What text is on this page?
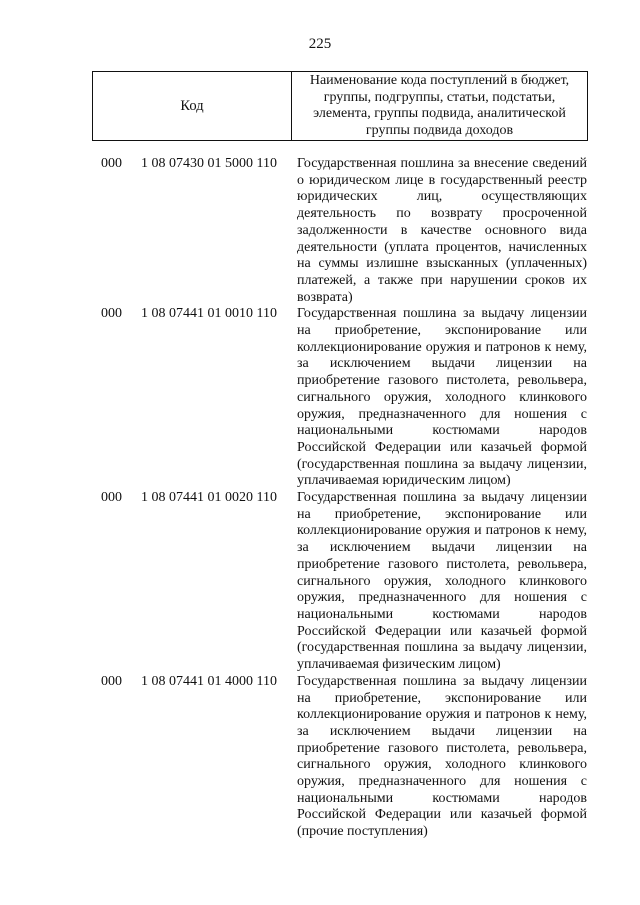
225
Код
Наименование кода поступлений в бюджет,
группы, подгруппы, статьи, подстатьи,
элемента, группы подвида, аналитической
группы подвида доходов
000 1 08 07430 01 5000 110 Государственная пошлина за внесение сведений о юридическом лице в государственный реестр юридических лиц, осуществляющих деятельность по возврату просроченной задолженности в качестве основного вида деятельности (уплата процентов, начисленных на суммы излишне взысканных (уплаченных) платежей, а также при нарушении сроков их возврата)
000 1 08 07441 01 0010 110 Государственная пошлина за выдачу лицензии на приобретение, экспонирование или коллекционирование оружия и патронов к нему, за исключением выдачи лицензии на приобретение газового пистолета, револьвера, сигнального оружия, холодного клинкового оружия, предназначенного для ношения с национальными костюмами народов Российской Федерации или казачьей формой (государственная пошлина за выдачу лицензии, уплачиваемая юридическим лицом)
000 1 08 07441 01 0020 110 Государственная пошлина за выдачу лицензии на приобретение, экспонирование или коллекционирование оружия и патронов к нему, за исключением выдачи лицензии на приобретение газового пистолета, револьвера, сигнального оружия, холодного клинкового оружия, предназначенного для ношения с национальными костюмами народов Российской Федерации или казачьей формой (государственная пошлина за выдачу лицензии, уплачиваемая физическим лицом)
000 1 08 07441 01 4000 110 Государственная пошлина за выдачу лицензии на приобретение, экспонирование или коллекционирование оружия и патронов к нему, за исключением выдачи лицензии на приобретение газового пистолета, револьвера, сигнального оружия, холодного клинкового оружия, предназначенного для ношения с национальными костюмами народов Российской Федерации или казачьей формой (прочие поступления)
